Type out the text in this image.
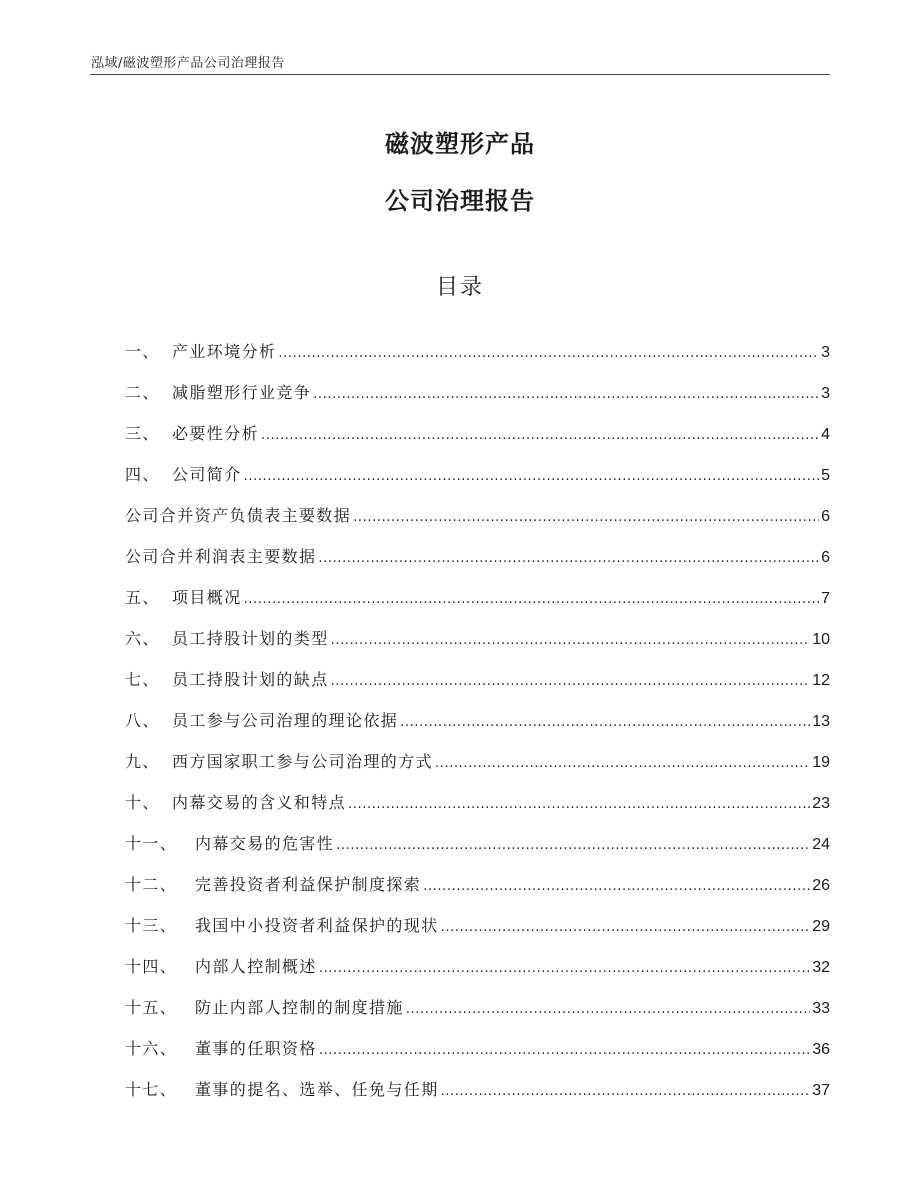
泓域/磁波塑形产品公司治理报告
磁波塑形产品
公司治理报告
目录
一、 产业环境分析 .....	3
二、 减脂塑形行业竞争 .....	3
三、 必要性分析 .....	4
四、 公司简介 .....	5
公司合并资产负债表主要数据 .....	6
公司合并利润表主要数据 .....	6
五、 项目概况 .....	7
六、 员工持股计划的类型 .....	10
七、 员工持股计划的缺点 .....	12
八、 员工参与公司治理的理论依据 .....	13
九、 西方国家职工参与公司治理的方式 .....	19
十、 内幕交易的含义和特点 .....	23
十一、	内幕交易的危害性 .....	24
十二、	完善投资者利益保护制度探索 .....	26
十三、	我国中小投资者利益保护的现状 .....	29
十四、	内部人控制概述 .....	32
十五、	防止内部人控制的制度措施 .....	33
十六、	董事的任职资格 .....	36
十七、	董事的提名、选举、任免与任期 .....	37
